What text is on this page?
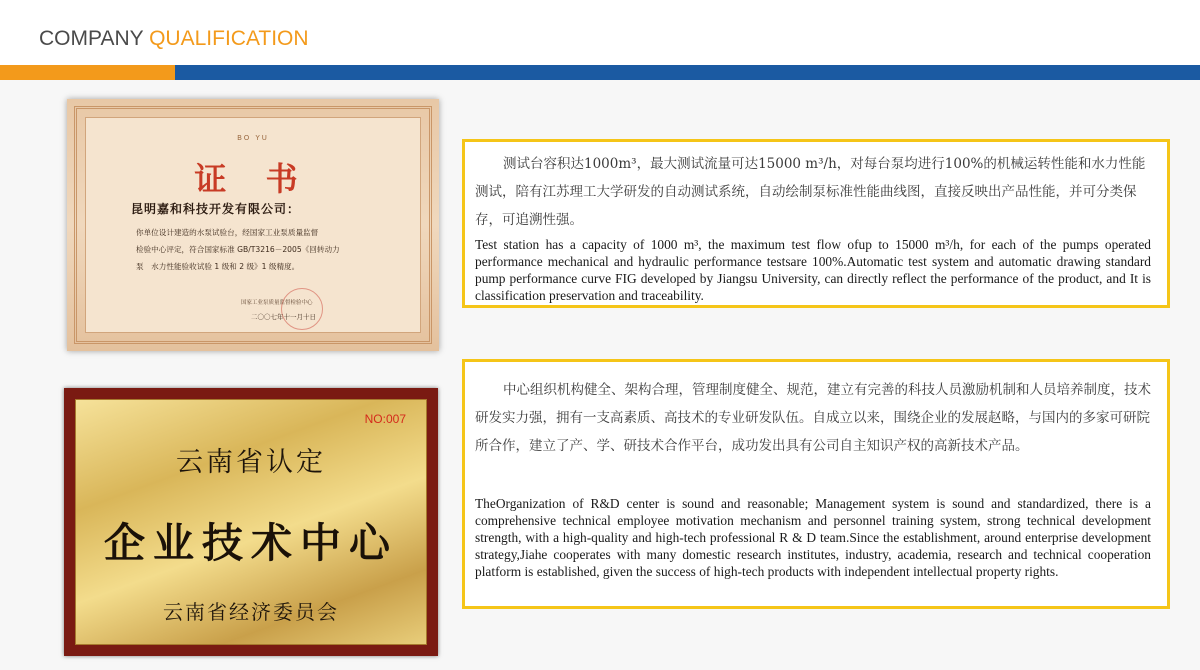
COMPANY QUALIFICATION
BO YU
证 书
昆明嘉和科技开发有限公司：
你单位设计建造的水泵试验台，经国家工业泵质量监督
检验中心评定，符合国家标准 GB/T3216－2005《回转动力
泵　水力性能验收试验 1 级和 2 级》1 级精度。
国家工业泵质量监督检验中心
二〇〇七年十一月十日
NO:007
云南省认定
企业技术中心
云南省经济委员会
测试台容积达1000m³，最大测试流量可达15000 m³/h，对每台泵均进行100%的机械运转性能和水力性能测试，陪有江苏理工大学研发的自动测试系统，自动绘制泵标准性能曲线图，直接反映出产品性能，并可分类保存，可追溯性强。
Test station has a capacity of 1000 m³, the maximum test flow ofup to 15000 m³/h, for each of the pumps operated performance mechanical and hydraulic performance testsare 100%.Automatic test system and automatic drawing standard pump performance curve FIG developed by Jiangsu University, can directly reflect the performance of the product, and It is classification preservation and traceability.
中心组织机构健全、架构合理，管理制度健全、规范，建立有完善的科技人员激励机制和人员培养制度，技术研发实力强，拥有一支高素质、高技术的专业研发队伍。自成立以来，围绕企业的发展赵略，与国内的多家可研院所合作，建立了产、学、研技术合作平台，成功发出具有公司自主知识产权的高新技术产品。
TheOrganization of R&D center is sound and reasonable; Management system is sound and standardized, there is a comprehensive technical employee motivation mechanism and personnel training system, strong technical development strength, with a high-quality and high-tech professional R & D team.Since the establishment, around enterprise development strategy,Jiahe cooperates with many domestic research institutes, industry, academia, research and technical cooperation platform is established, given the success of high-tech products with independent intellectual property rights.
